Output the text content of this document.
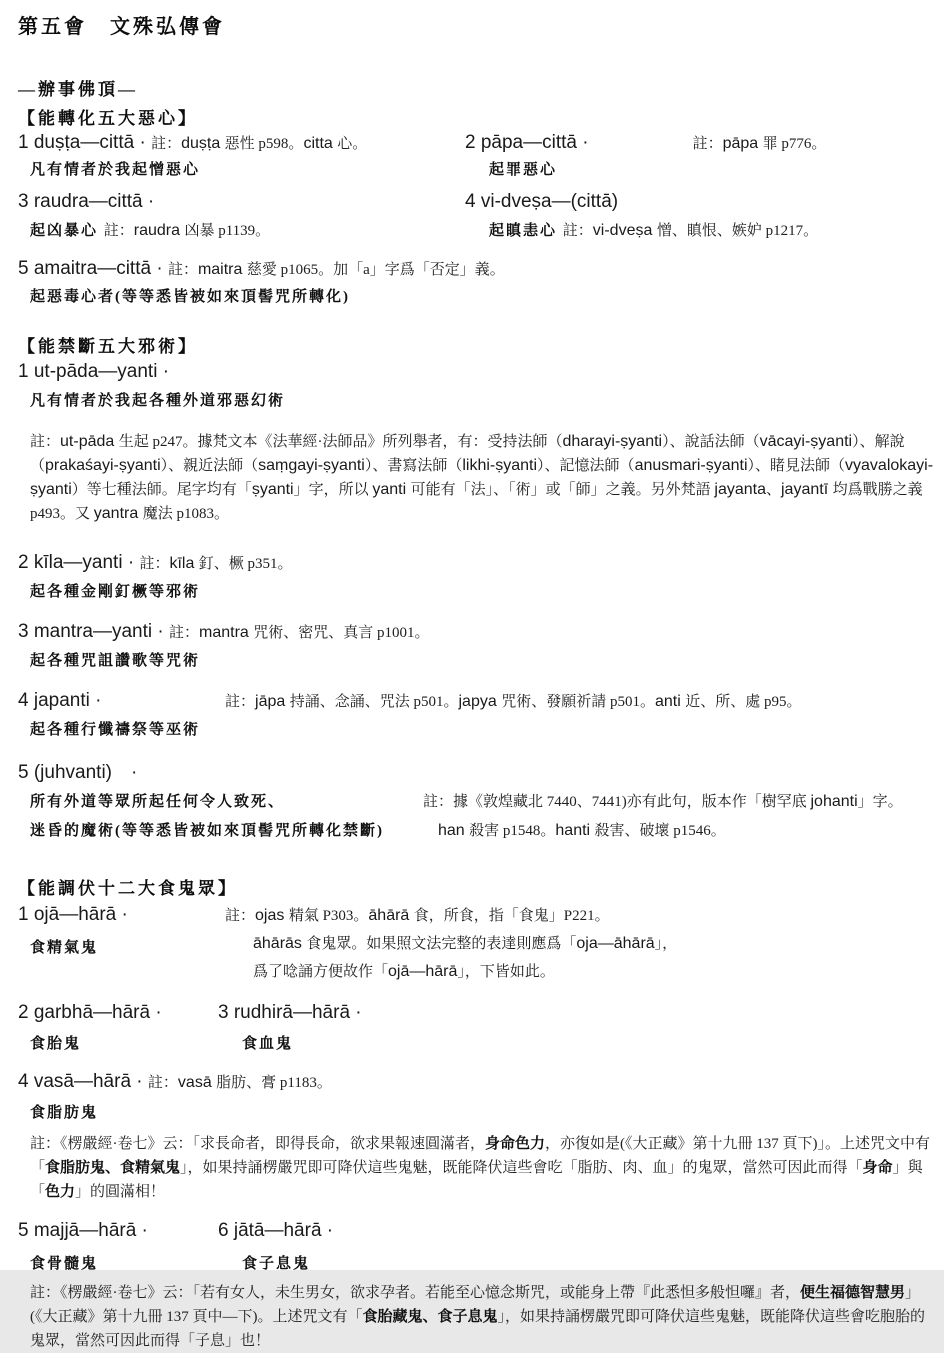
第五會　文殊弘傳會
―辦事佛頂―
【能轉化五大惡心】
1 duṣṭa—cittā · 註：duṣṭa 惡性 p598。citta 心。	2 pāpa—cittā ·	註：pāpa 罪 p776。
凡有情者於我起憎惡心	起罪惡心
3 raudra—cittā ·	4 vi-dveṣa—(cittā)
起凶暴心 註：raudra 凶暴 p1139。	起瞋恚心 註：vi-dveṣa 憎、瞋恨、嫉妒 p1217。
5 amaitra—cittā · 註：maitra 慈愛 p1065。加「a」字爲「否定」義。
起惡毒心者(等等悉皆被如來頂髻咒所轉化)
【能禁斷五大邪術】
1 ut-pāda—yanti ·
凡有情者於我起各種外道邪惡幻術
註：ut-pāda 生起 p247。據梵文本《法華經·法師品》所列舉者，有：受持法師（dharayi-ṣyanti）、說話法師（vācayi-ṣyanti）、解說（prakaśayi-ṣyanti）、親近法師（saṃgayi-ṣyanti）、書寫法師（likhi-ṣyanti）、記憶法師（anusmari-ṣyanti）、睹見法師（vyavalokayi-ṣyanti）等七種法師。尾字均有「ṣyanti」字，所以 yanti 可能有「法」、「術」或「師」之義。另外梵語 jayanta、jayantī 均爲戰勝之義 p493。又 yantra 魔法 p1083。
2 kīla—yanti · 註：kīla 釘、橛 p351。
起各種金剛釘橛等邪術
3 mantra—yanti · 註：mantra 咒術、密咒、真言 p1001。
起各種咒詛讚歌等咒術
4 japanti ·	註：jāpa 持誦、念誦、咒法 p501。japya 咒術、發願祈請 p501。anti 近、所、處 p95。
起各種行懺禱祭等巫術
5 (juhvanti)　·
所有外道等眾所起任何令人致死、
迷昏的魔術(等等悉皆被如來頂髻咒所轉化禁斷)
註：據《敦煌藏北 7440、7441)亦有此句，版本作「樹罕底 johanti」字。
han 殺害 p1548。hanti 殺害、破壞 p1546。
【能調伏十二大食鬼眾】
1 ojā—hārā ·
食精氣鬼
註：ojas 精氣 P303。āhārā 食，所食，指「食鬼」P221。
āhārās 食鬼眾。如果照文法完整的表達則應爲「oja—āhārā」，
爲了唸誦方便故作「ojā—hārā」，下皆如此。
2 garbhā—hārā ·	3 rudhirā—hārā ·
食胎鬼	食血鬼
4 vasā—hārā · 註：vasā 脂肪、膏 p1183。
食脂肪鬼
註：《楞嚴經·卷七》云：「求長命者，即得長命，欲求果報速圓滿者，身命色力，亦復如是(《大正藏》第十九冊 137 頁下)」。上述咒文中有「食脂肪鬼、食精氣鬼」，如果持誦楞嚴咒即可降伏這些鬼魅，既能降伏這些會吃「脂肪、肉、血」的鬼眾，當然可因此而得「身命」與「色力」的圓滿相！
5 majjā—hārā ·	6 jātā—hārā ·
食骨髓鬼	食子息鬼
註：《楞嚴經·卷七》云：「若有女人，未生男女，欲求孕者。若能至心憶念斯咒，或能身上帶『此悉怛多般怛囉』者，便生福德智慧男」(《大正藏》第十九冊 137 頁中—下)。上述咒文有「食胎藏鬼、食子息鬼」，如果持誦楞嚴咒即可降伏這些鬼魅，既能降伏這些會吃胞胎的鬼眾，當然可因此而得「子息」也！
